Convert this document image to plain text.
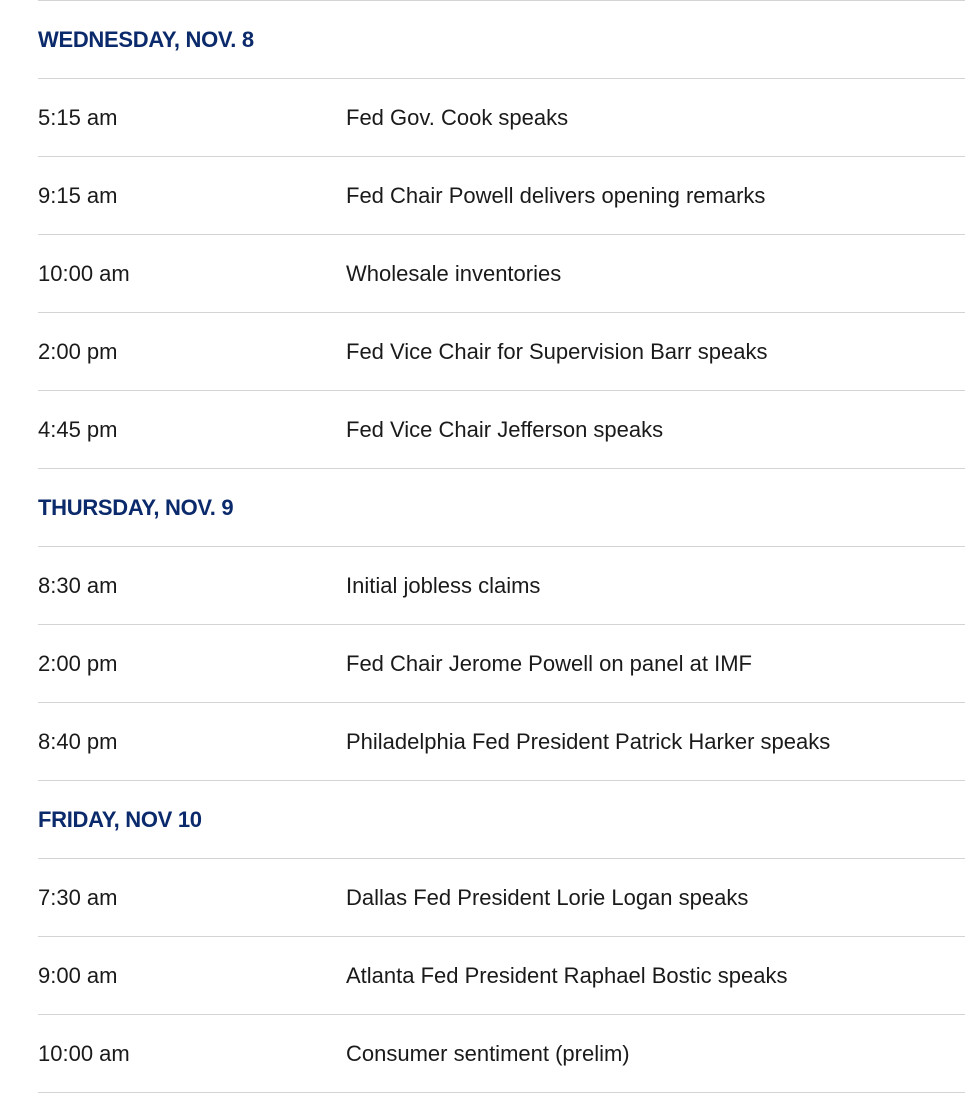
WEDNESDAY, NOV. 8
5:15 am	Fed Gov. Cook speaks
9:15 am	Fed Chair Powell delivers opening remarks
10:00 am	Wholesale inventories
2:00 pm	Fed Vice Chair for Supervision Barr speaks
4:45 pm	Fed Vice Chair Jefferson speaks
THURSDAY, NOV. 9
8:30 am	Initial jobless claims
2:00 pm	Fed Chair Jerome Powell on panel at IMF
8:40 pm	Philadelphia Fed President Patrick Harker speaks
FRIDAY, NOV 10
7:30 am	Dallas Fed President Lorie Logan speaks
9:00 am	Atlanta Fed President Raphael Bostic speaks
10:00 am	Consumer sentiment (prelim)
